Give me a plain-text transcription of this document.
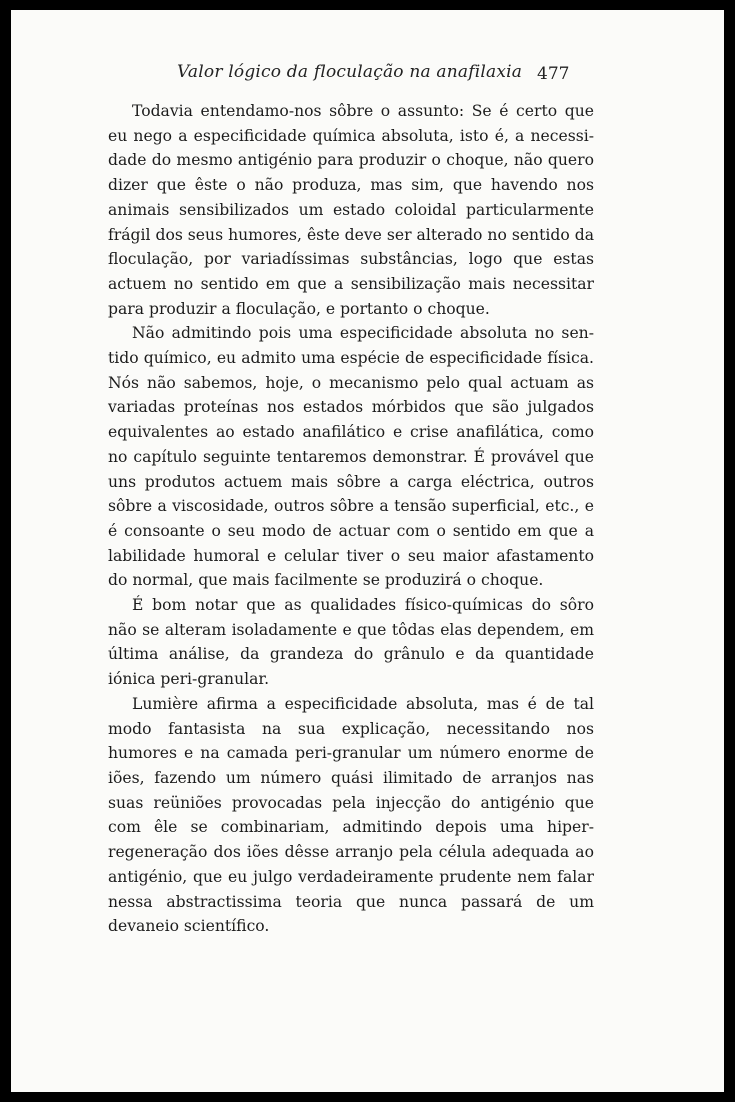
Valor lógico da floculação na anafilaxia 477

Todavia entendamo-nos sôbre o assunto: Se é certo que eu nego a especificidade química absoluta, isto é, a necessidade do mesmo antigénio para produzir o choque, não quero dizer que êste o não produza, mas sim, que havendo nos animais sensibilizados um estado coloidal particularmente frágil dos seus humores, êste deve ser alterado no sentido da floculação, por variadíssimas substâncias, logo que estas actuem no sentido em que a sensibilização mais necessitar para produzir a floculação, e portanto o choque.

Não admitindo pois uma especificidade absoluta no sentido químico, eu admito uma espécie de especificidade física. Nós não sabemos, hoje, o mecanismo pelo qual actuam as variadas proteínas nos estados mórbidos que são julgados equivalentes ao estado anafilático e crise anafilática, como no capítulo seguinte tentaremos demonstrar. É provável que uns produtos actuem mais sôbre a carga eléctrica, outros sôbre a viscosidade, outros sôbre a tensão superficial, etc., e é consoante o seu modo de actuar com o sentido em que a labilidade humoral e celular tiver o seu maior afastamento do normal, que mais facilmente se produzirá o choque.

É bom notar que as qualidades físico-químicas do sôro não se alteram isoladamente e que tôdas elas dependem, em última análise, da grandeza do grânulo e da quantidade iónica peri-granular.

Lumière afirma a especificidade absoluta, mas é de tal modo fantasista na sua explicação, necessitando nos humores e na camada peri-granular um número enorme de iões, fazendo um número quási ilimitado de arranjos nas suas reüniões provocadas pela injecção do antigénio que com êle se combinariam, admitindo depois uma hiper-regeneração dos iões dêsse arranjo pela célula adequada ao antigénio, que eu julgo verdadeiramente prudente nem falar nessa abstractissima teoria que nunca passará de um devaneio scientífico.
